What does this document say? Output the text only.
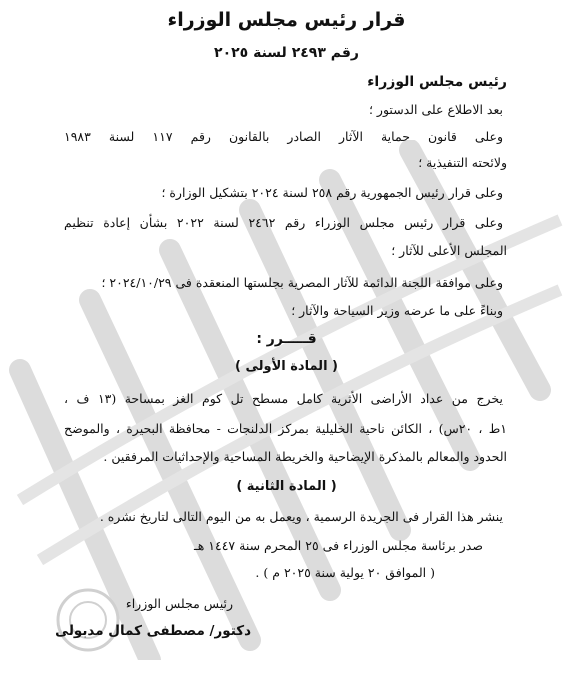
قرار رئيس مجلس الوزراء
رقم ٢٤٩٣ لسنة ٢٠٢٥
رئيس مجلس الوزراء
بعد الاطلاع على الدستور ؛
وعلى قانون حماية الآثار الصادر بالقانون رقم ١١٧ لسنة ١٩٨٣
ولائحته التنفيذية ؛
وعلى قرار رئيس الجمهورية رقم ٢٥٨ لسنة ٢٠٢٤ بتشكيل الوزارة ؛
وعلى قرار رئيس مجلس الوزراء رقم ٢٤٦٢ لسنة ٢٠٢٢ بشأن إعادة تنظيم
المجلس الأعلى للآثار ؛
وعلى موافقة اللجنة الدائمة للآثار المصرية بجلستها المنعقدة فى ٢٠٢٤/١٠/٢٩ ؛
وبناءً على ما عرضه وزير السياحة والآثار ؛
قـــــرر :
( المادة الأولى )
يخرج من عداد الأراضى الأثرية كامل مسطح تل كوم الغز بمساحة (١٣ ف ،
١ط ، ٢٠س) ، الكائن ناحية الخليلية بمركز الدلنجات - محافظة البحيرة ، والموضح
الحدود والمعالم بالمذكرة الإيضاحية والخريطة المساحية والإحداثيات المرفقين .
( المادة الثانية )
ينشر هذا القرار فى الجريدة الرسمية ، ويعمل به من اليوم التالى لتاريخ نشره .
صدر برئاسة مجلس الوزراء فى ٢٥ المحرم سنة ١٤٤٧ هـ
( الموافق ٢٠ يولية سنة ٢٠٢٥ م ) .
رئيس مجلس الوزراء
دكتور/ مصطفى كمال مدبولى
